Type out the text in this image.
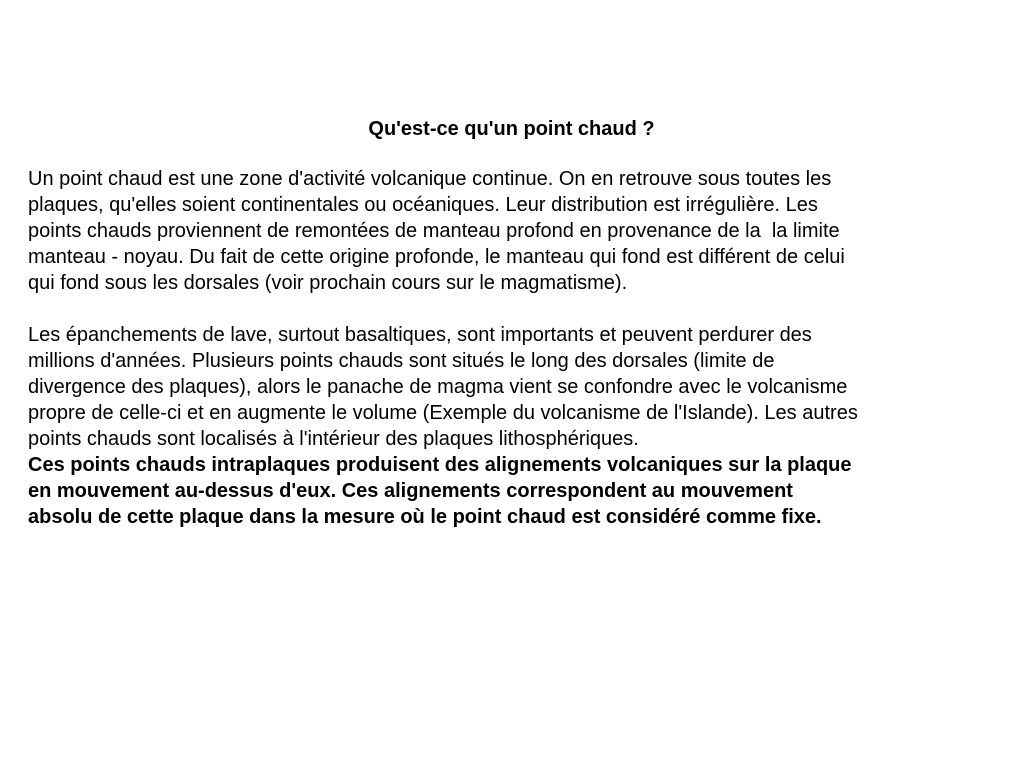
Qu'est-ce qu'un point chaud ?
Un point chaud est une zone d'activité volcanique continue. On en retrouve sous toutes les
plaques, qu'elles soient continentales ou océaniques. Leur distribution est irrégulière. Les
points chauds proviennent de remontées de manteau profond en provenance de la  la limite
manteau - noyau. Du fait de cette origine profonde, le manteau qui fond est différent de celui
qui fond sous les dorsales (voir prochain cours sur le magmatisme).
Les épanchements de lave, surtout basaltiques, sont importants et peuvent perdurer des
millions d'années. Plusieurs points chauds sont situés le long des dorsales (limite de
divergence des plaques), alors le panache de magma vient se confondre avec le volcanisme
propre de celle-ci et en augmente le volume (Exemple du volcanisme de l'Islande). Les autres
points chauds sont localisés à l'intérieur des plaques lithosphériques.
Ces points chauds intraplaques produisent des alignements volcaniques sur la plaque
en mouvement au-dessus d'eux. Ces alignements correspondent au mouvement
absolu de cette plaque dans la mesure où le point chaud est considéré comme fixe.
